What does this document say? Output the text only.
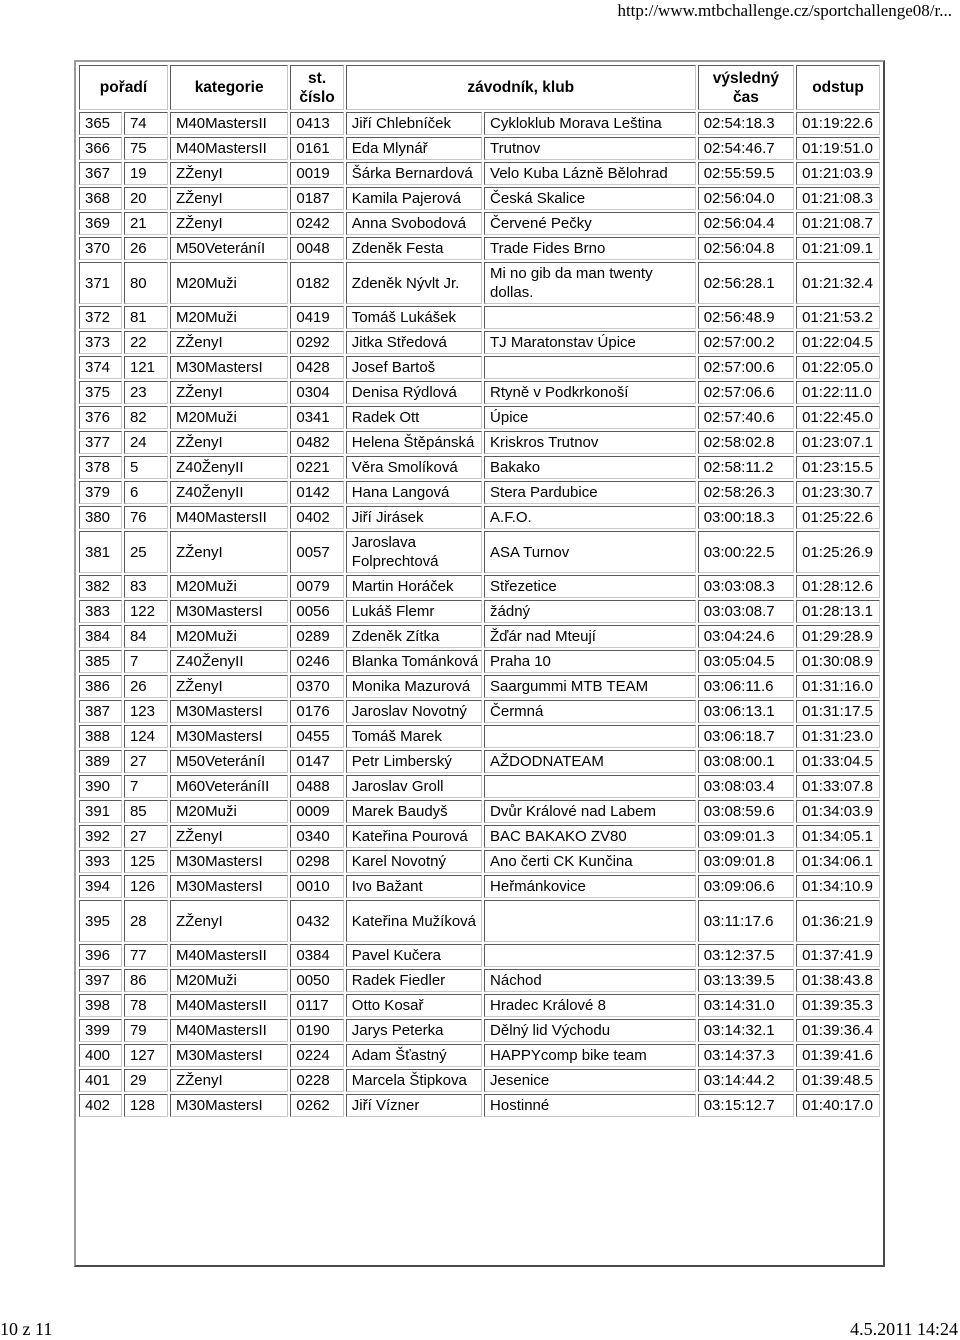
http://www.mtbchallenge.cz/sportchallenge08/r...
pořadí		kategorie	st. číslo	závodník, klub		výsledný čas	odstup
365	74	M40MastersII	0413	Jiří Chlebníček	Cykloklub Morava Leština	02:54:18.3	01:19:22.6
366	75	M40MastersII	0161	Eda Mlynář	Trutnov	02:54:46.7	01:19:51.0
367	19	ZŽenyI	0019	Šárka Bernardová	Velo Kuba Lázně Bělohrad	02:55:59.5	01:21:03.9
368	20	ZŽenyI	0187	Kamila Pajerová	Česká Skalice	02:56:04.0	01:21:08.3
369	21	ZŽenyI	0242	Anna Svobodová	Červené Pečky	02:56:04.4	01:21:08.7
370	26	M50VeteráníI	0048	Zdeněk Festa	Trade Fides Brno	02:56:04.8	01:21:09.1
371	80	M20Muži	0182	Zdeněk Nývlt Jr.	Mi no gib da man twenty dollas.	02:56:28.1	01:21:32.4
372	81	M20Muži	0419	Tomáš Lukášek		02:56:48.9	01:21:53.2
373	22	ZŽenyI	0292	Jitka Středová	TJ Maratonstav Úpice	02:57:00.2	01:22:04.5
374	121	M30MastersI	0428	Josef Bartoš		02:57:00.6	01:22:05.0
375	23	ZŽenyI	0304	Denisa Rýdlová	Rtyně v Podkrkonoší	02:57:06.6	01:22:11.0
376	82	M20Muži	0341	Radek Ott	Úpice	02:57:40.6	01:22:45.0
377	24	ZŽenyI	0482	Helena Štěpánská	Kriskros Trutnov	02:58:02.8	01:23:07.1
378	5	Z40ŽenyII	0221	Věra Smolíková	Bakako	02:58:11.2	01:23:15.5
379	6	Z40ŽenyII	0142	Hana Langová	Stera Pardubice	02:58:26.3	01:23:30.7
380	76	M40MastersII	0402	Jiří Jirásek	A.F.O.	03:00:18.3	01:25:22.6
381	25	ZŽenyI	0057	Jaroslava Folprechtová	ASA Turnov	03:00:22.5	01:25:26.9
382	83	M20Muži	0079	Martin Horáček	Střezetice	03:03:08.3	01:28:12.6
383	122	M30MastersI	0056	Lukáš Flemr	žádný	03:03:08.7	01:28:13.1
384	84	M20Muži	0289	Zdeněk Zítka	Žďár nad Mteují	03:04:24.6	01:29:28.9
385	7	Z40ŽenyII	0246	Blanka Tománková	Praha 10	03:05:04.5	01:30:08.9
386	26	ZŽenyI	0370	Monika Mazurová	Saargummi MTB TEAM	03:06:11.6	01:31:16.0
387	123	M30MastersI	0176	Jaroslav Novotný	Čermná	03:06:13.1	01:31:17.5
388	124	M30MastersI	0455	Tomáš Marek		03:06:18.7	01:31:23.0
389	27	M50VeteráníI	0147	Petr Limberský	AŽDODNATEAM	03:08:00.1	01:33:04.5
390	7	M60VeteráníII	0488	Jaroslav Groll		03:08:03.4	01:33:07.8
391	85	M20Muži	0009	Marek Baudyš	Dvůr Králové nad Labem	03:08:59.6	01:34:03.9
392	27	ZŽenyI	0340	Kateřina Pourová	BAC BAKAKO ZV80	03:09:01.3	01:34:05.1
393	125	M30MastersI	0298	Karel Novotný	Ano čerti CK Kunčina	03:09:01.8	01:34:06.1
394	126	M30MastersI	0010	Ivo Bažant	Heřmánkovice	03:09:06.6	01:34:10.9
395	28	ZŽenyI	0432	Kateřina Mužíková		03:11:17.6	01:36:21.9
396	77	M40MastersII	0384	Pavel Kučera		03:12:37.5	01:37:41.9
397	86	M20Muži	0050	Radek Fiedler	Náchod	03:13:39.5	01:38:43.8
398	78	M40MastersII	0117	Otto Kosař	Hradec Králové 8	03:14:31.0	01:39:35.3
399	79	M40MastersII	0190	Jarys Peterka	Dělný lid Východu	03:14:32.1	01:39:36.4
400	127	M30MastersI	0224	Adam Šťastný	HAPPYcomp bike team	03:14:37.3	01:39:41.6
401	29	ZŽenyI	0228	Marcela Štipkova	Jesenice	03:14:44.2	01:39:48.5
402	128	M30MastersI	0262	Jiří Vízner	Hostinné	03:15:12.7	01:40:17.0
10 z 11	4.5.2011 14:24
